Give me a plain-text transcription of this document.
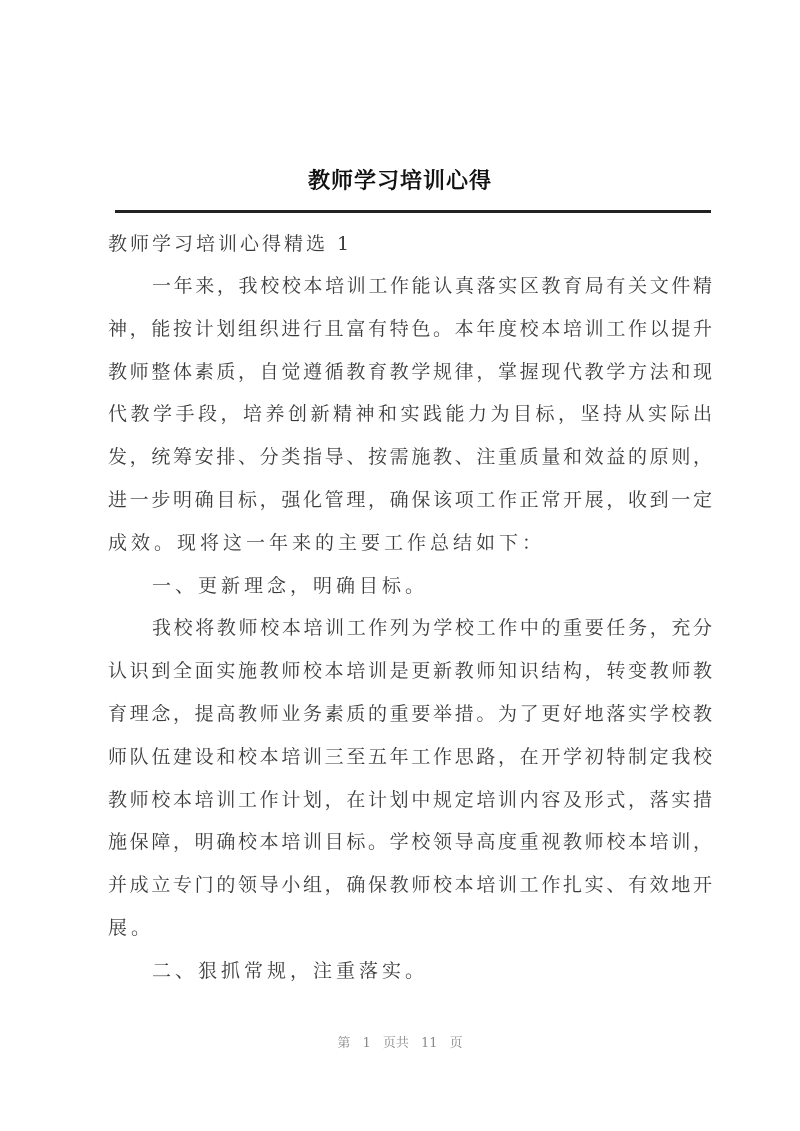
教师学习培训心得
教师学习培训心得精选 1
一年来，我校校本培训工作能认真落实区教育局有关文件精
神，能按计划组织进行且富有特色。本年度校本培训工作以提升
教师整体素质，自觉遵循教育教学规律，掌握现代教学方法和现
代教学手段，培养创新精神和实践能力为目标，坚持从实际出
发，统筹安排、分类指导、按需施教、注重质量和效益的原则，
进一步明确目标，强化管理，确保该项工作正常开展，收到一定
成效。现将这一年来的主要工作总结如下：
一、更新理念，明确目标。
我校将教师校本培训工作列为学校工作中的重要任务，充分
认识到全面实施教师校本培训是更新教师知识结构，转变教师教
育理念，提高教师业务素质的重要举措。为了更好地落实学校教
师队伍建设和校本培训三至五年工作思路，在开学初特制定我校
教师校本培训工作计划，在计划中规定培训内容及形式，落实措
施保障，明确校本培训目标。学校领导高度重视教师校本培训，
并成立专门的领导小组，确保教师校本培训工作扎实、有效地开
展。
二、狠抓常规，注重落实。
第 1 页共 11 页
